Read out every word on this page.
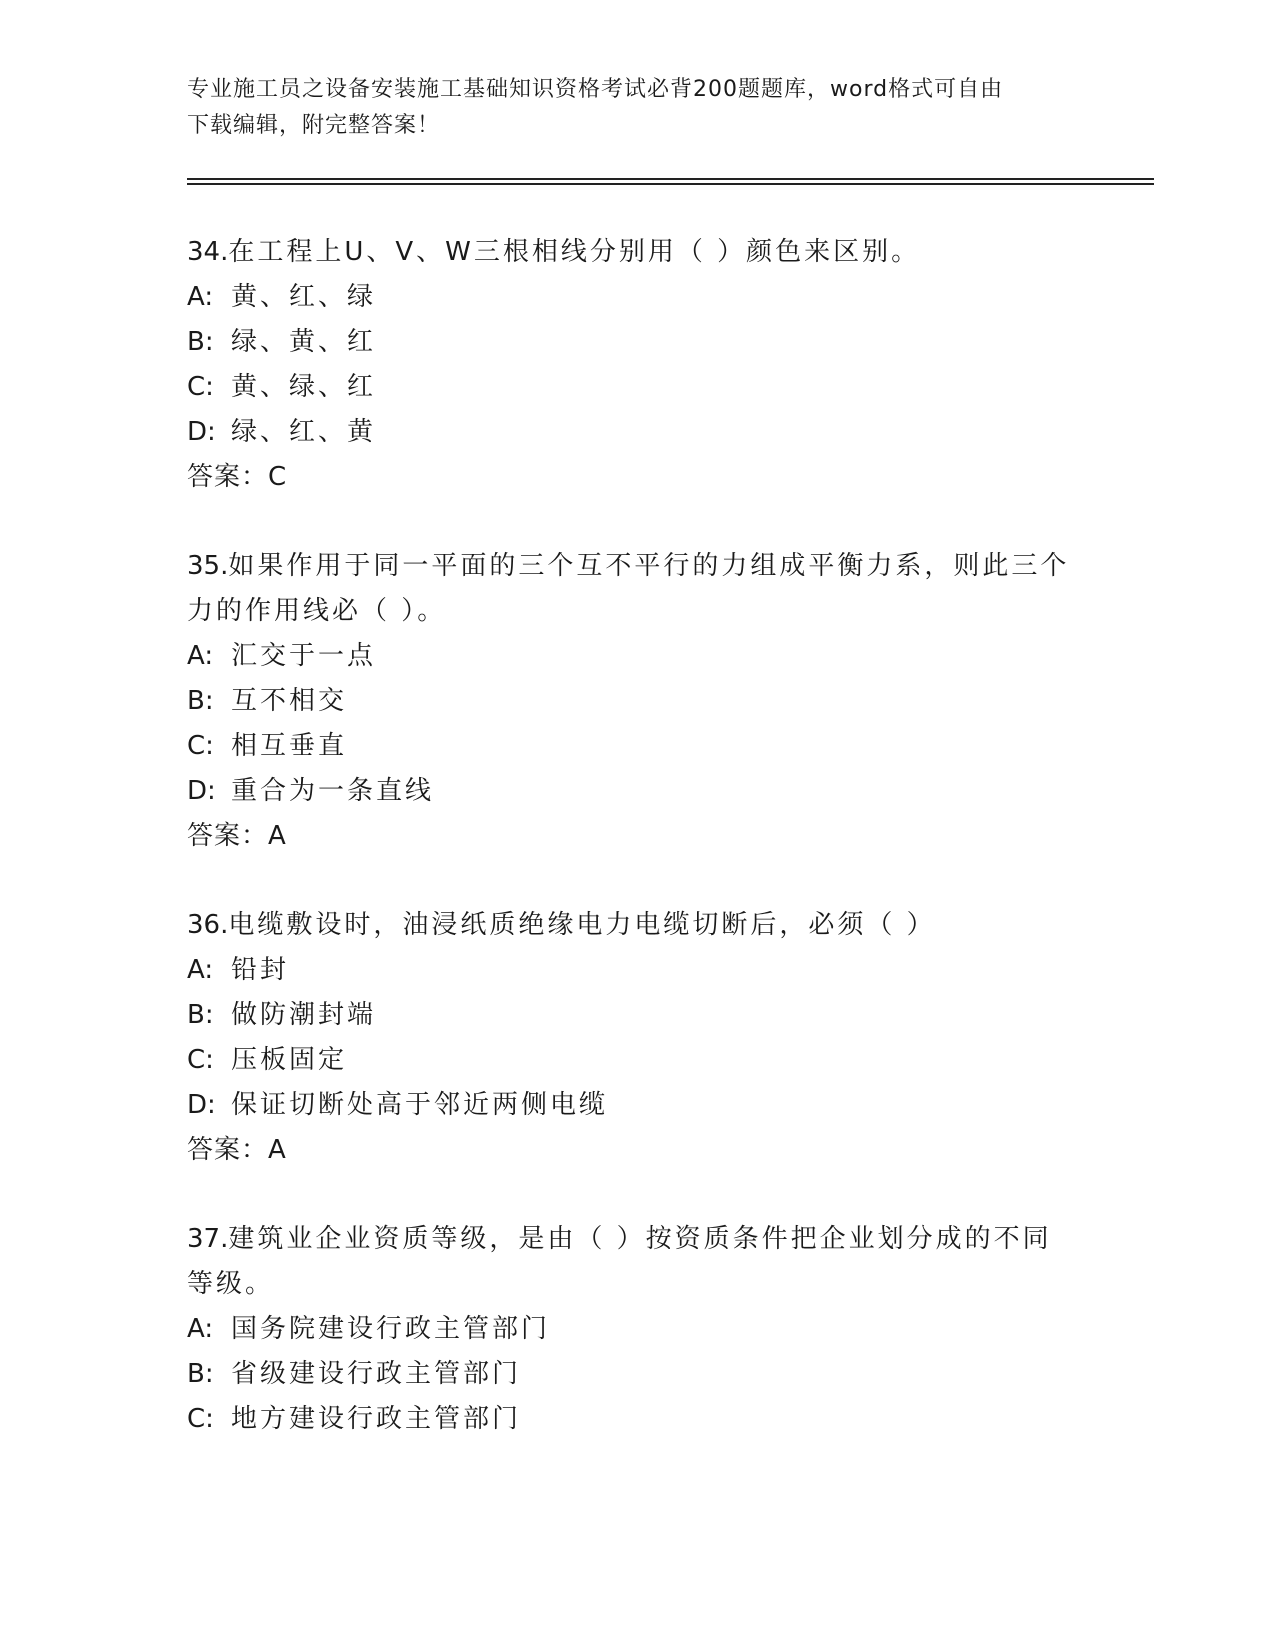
专业施工员之设备安装施工基础知识资格考试必背200题题库，word格式可自由
下载编辑，附完整答案！

34.在工程上U、V、W三根相线分别用（ ）颜色来区别。

A: 黄、红、绿
B: 绿、黄、红
C: 黄、绿、红
D: 绿、红、黄
答案：C

35.如果作用于同一平面的三个互不平行的力组成平衡力系，则此三个

力的作用线必（ ）。

A: 汇交于一点
B: 互不相交
C: 相互垂直
D: 重合为一条直线
答案：A

36.电缆敷设时，油浸纸质绝缘电力电缆切断后，必须（ ）

A: 铅封
B: 做防潮封端
C: 压板固定
D: 保证切断处高于邻近两侧电缆
答案：A

37.建筑业企业资质等级，是由（ ）按资质条件把企业划分成的不同

等级。

A: 国务院建设行政主管部门
B: 省级建设行政主管部门
C: 地方建设行政主管部门
